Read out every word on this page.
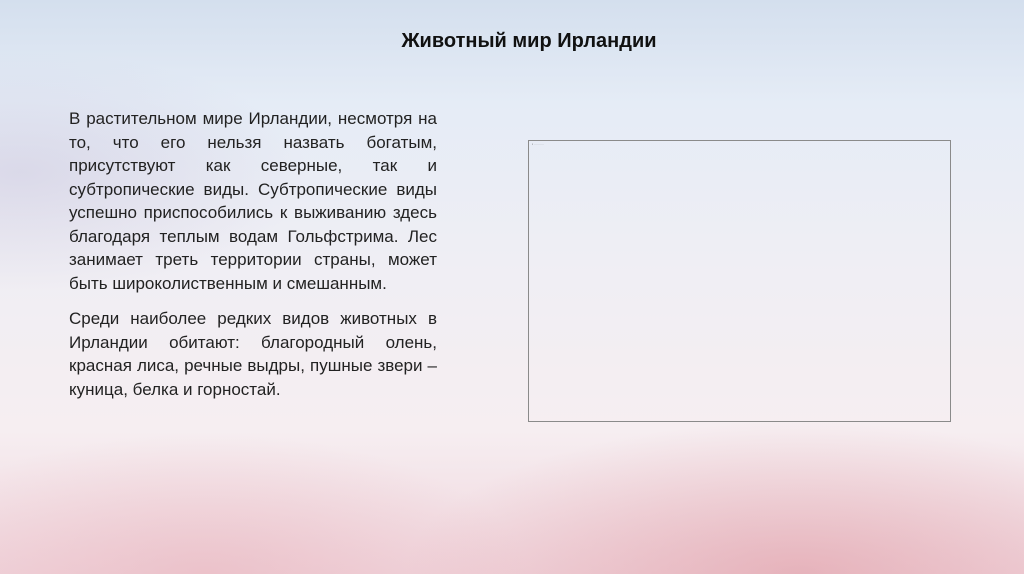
Животный мир Ирландии

В растительном мире Ирландии, несмотря на то, что его нельзя назвать богатым, присутствуют как северные, так и субтропические виды. Субтропические виды успешно приспособились к выживанию здесь благодаря теплым водам Гольфстрима. Лес занимает треть территории страны, может быть широколиственным и смешанным.

Среди наиболее редких видов животных в Ирландии обитают: благородный олень, красная лиса, речные выдры, пушные звери – куница, белка и горностай.

▪ ··········
